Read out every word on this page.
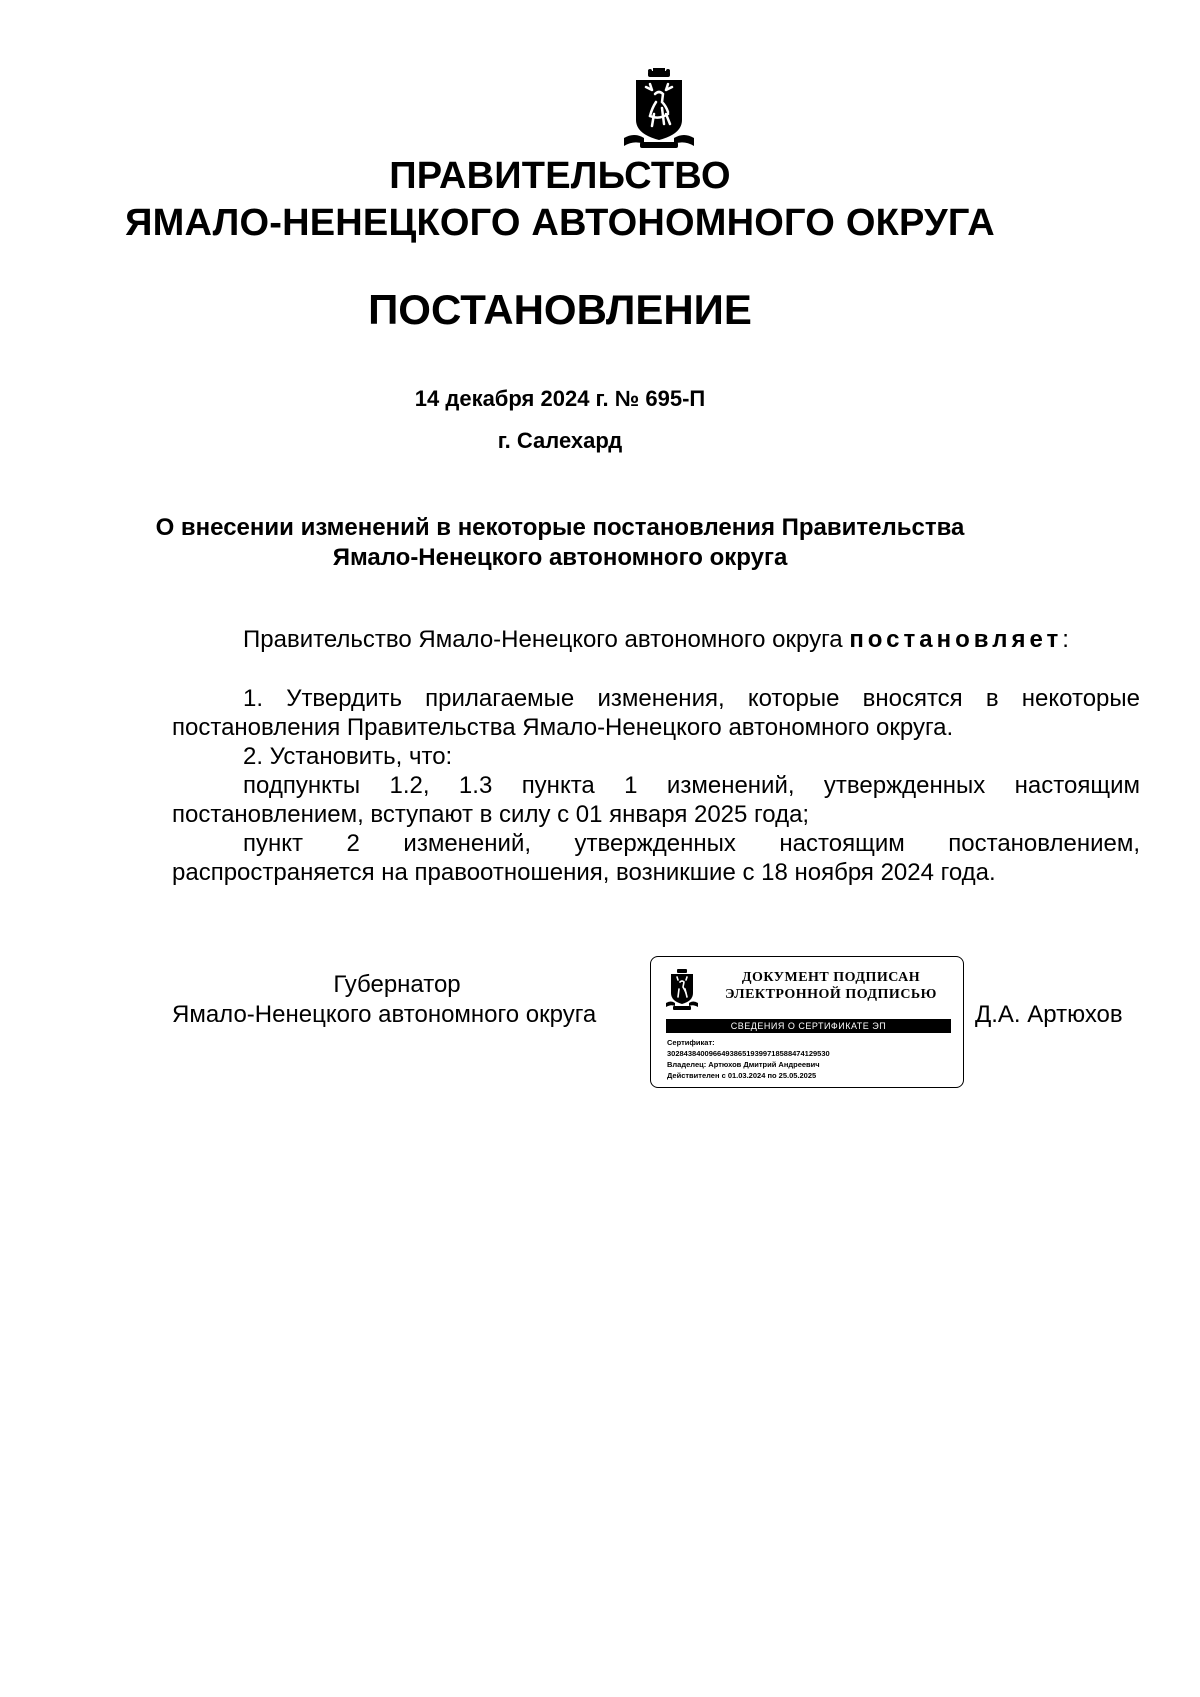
ПРАВИТЕЛЬСТВО
ЯМАЛО-НЕНЕЦКОГО АВТОНОМНОГО ОКРУГА
ПОСТАНОВЛЕНИЕ
14 декабря 2024 г. № 695-П
г. Салехард
О внесении изменений в некоторые постановления Правительства
Ямало-Ненецкого автономного округа
Правительство Ямало-Ненецкого автономного округа постановляет:
1. Утвердить прилагаемые изменения, которые вносятся в некоторые постановления Правительства Ямало-Ненецкого автономного округа.
2. Установить, что:
подпункты 1.2, 1.3 пункта 1 изменений, утвержденных настоящим постановлением, вступают в силу с 01 января 2025 года;
пункт 2 изменений, утвержденных настоящим постановлением, распространяется на правоотношения, возникшие с 18 ноября 2024 года.
Губернатор
Ямало-Ненецкого автономного округа
ДОКУМЕНТ ПОДПИСАН
ЭЛЕКТРОННОЙ ПОДПИСЬЮ
СВЕДЕНИЯ О СЕРТИФИКАТЕ ЭП
Сертификат:
302843840096649386519399718588474129530
Владелец: Артюхов Дмитрий Андреевич
Действителен с 01.03.2024 по 25.05.2025
Д.А. Артюхов
